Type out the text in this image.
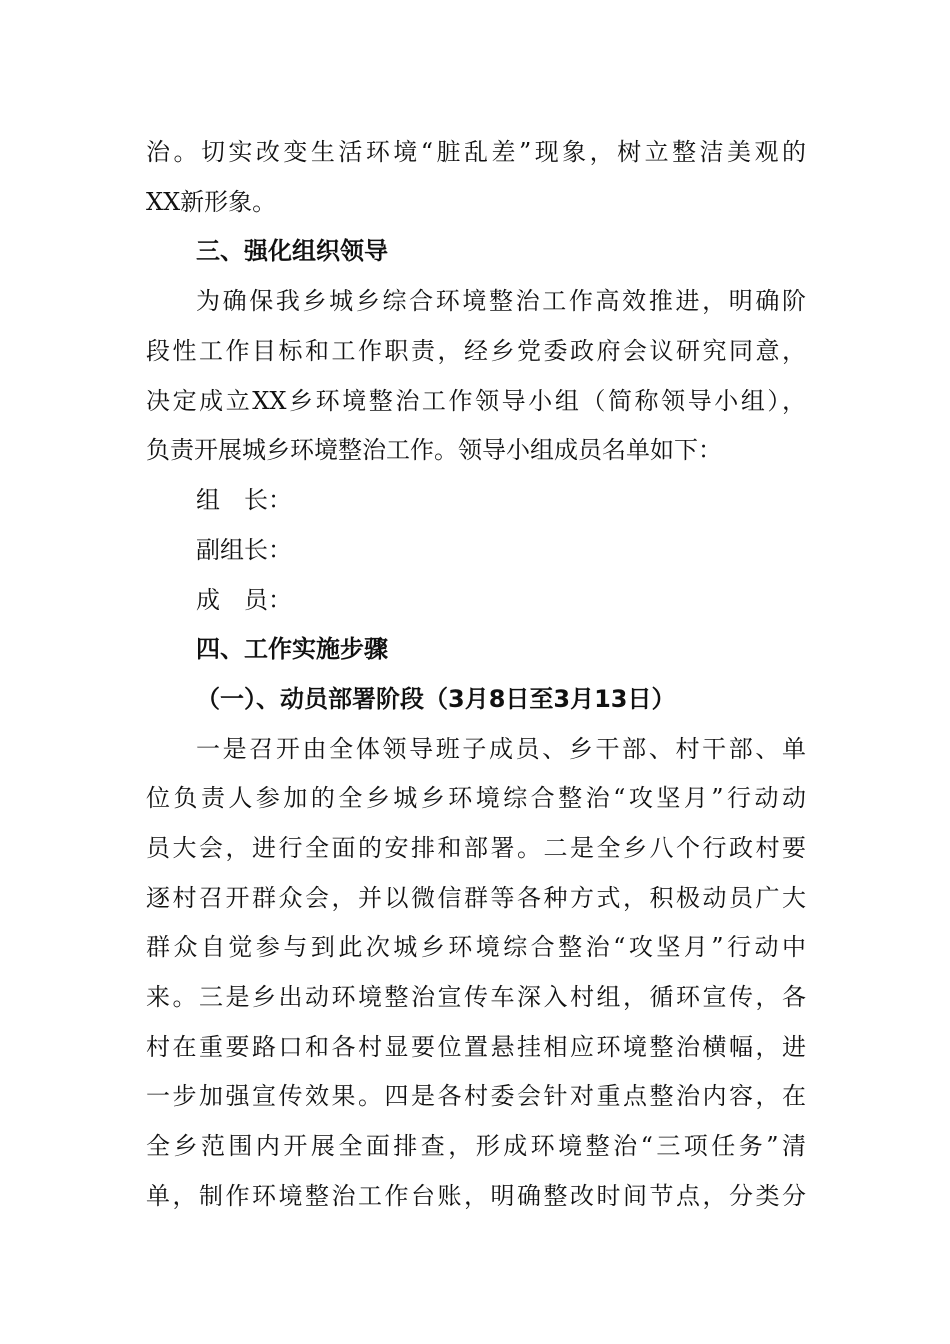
治。切实改变生活环境“脏乱差”现象，树立整洁美观的
XX新形象。
三、强化组织领导
为确保我乡城乡综合环境整治工作高效推进，明确阶
段性工作目标和工作职责，经乡党委政府会议研究同意，
决定成立XX乡环境整治工作领导小组（简称领导小组），
负责开展城乡环境整治工作。领导小组成员名单如下：
组　长：
副组长：
成　员：
四、工作实施步骤
（一）、动员部署阶段（3月8日至3月13日）
一是召开由全体领导班子成员、乡干部、村干部、单
位负责人参加的全乡城乡环境综合整治“攻坚月”行动动
员大会，进行全面的安排和部署。二是全乡八个行政村要
逐村召开群众会，并以微信群等各种方式，积极动员广大
群众自觉参与到此次城乡环境综合整治“攻坚月”行动中
来。三是乡出动环境整治宣传车深入村组，循环宣传，各
村在重要路口和各村显要位置悬挂相应环境整治横幅，进
一步加强宣传效果。四是各村委会针对重点整治内容，在
全乡范围内开展全面排查，形成环境整治“三项任务”清
单，制作环境整治工作台账，明确整改时间节点，分类分
